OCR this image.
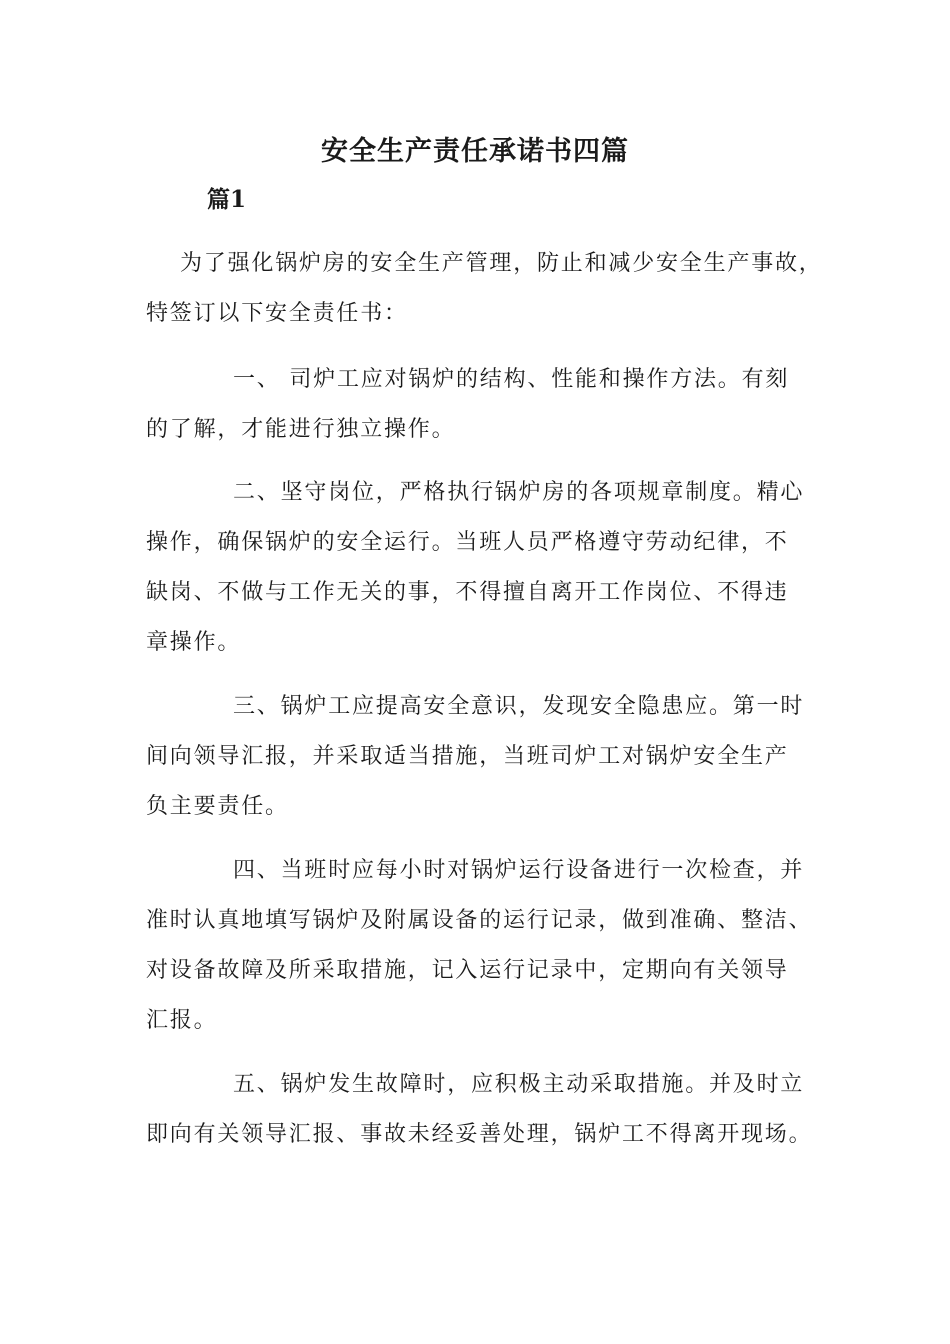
安全生产责任承诺书四篇
篇1

为了强化锅炉房的安全生产管理，防止和减少安全生产事故，
特签订以下安全责任书：

一、 司炉工应对锅炉的结构、性能和操作方法。有刻
的了解，才能进行独立操作。

二、坚守岗位，严格执行锅炉房的各项规章制度。精心
操作，确保锅炉的安全运行。当班人员严格遵守劳动纪律，不
缺岗、不做与工作无关的事，不得擅自离开工作岗位、不得违
章操作。

三、锅炉工应提高安全意识，发现安全隐患应。第一时
间向领导汇报，并采取适当措施，当班司炉工对锅炉安全生产
负主要责任。

四、当班时应每小时对锅炉运行设备进行一次检查，并
准时认真地填写锅炉及附属设备的运行记录，做到准确、整洁、
对设备故障及所采取措施，记入运行记录中，定期向有关领导
汇报。

五、锅炉发生故障时，应积极主动采取措施。并及时立
即向有关领导汇报、事故未经妥善处理，锅炉工不得离开现场。
